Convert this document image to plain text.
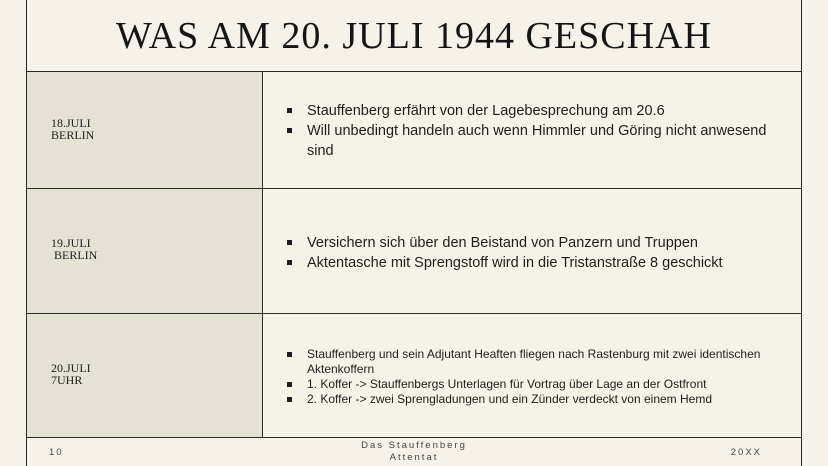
WAS AM 20. JULI 1944 GESCHAH
18.JULI
BERLIN
Stauffenberg erfährt von der Lagebesprechung am 20.6
Will unbedingt handeln auch wenn Himmler und Göring nicht anwesend sind
19.JULI
BERLIN
Versichern sich über den Beistand von Panzern und Truppen
Aktentasche mit Sprengstoff wird in die Tristanstraße 8 geschickt
20.JULI
7UHR
Stauffenberg und sein Adjutant Heaften fliegen nach Rastenburg mit zwei identischen Aktenkoffern
1. Koffer -> Stauffenbergs Unterlagen für Vortrag über Lage an der Ostfront
2. Koffer -> zwei Sprengladungen und ein Zünder verdeckt von einem Hemd
10
Das Stauffenberg
Attentat	20XX
